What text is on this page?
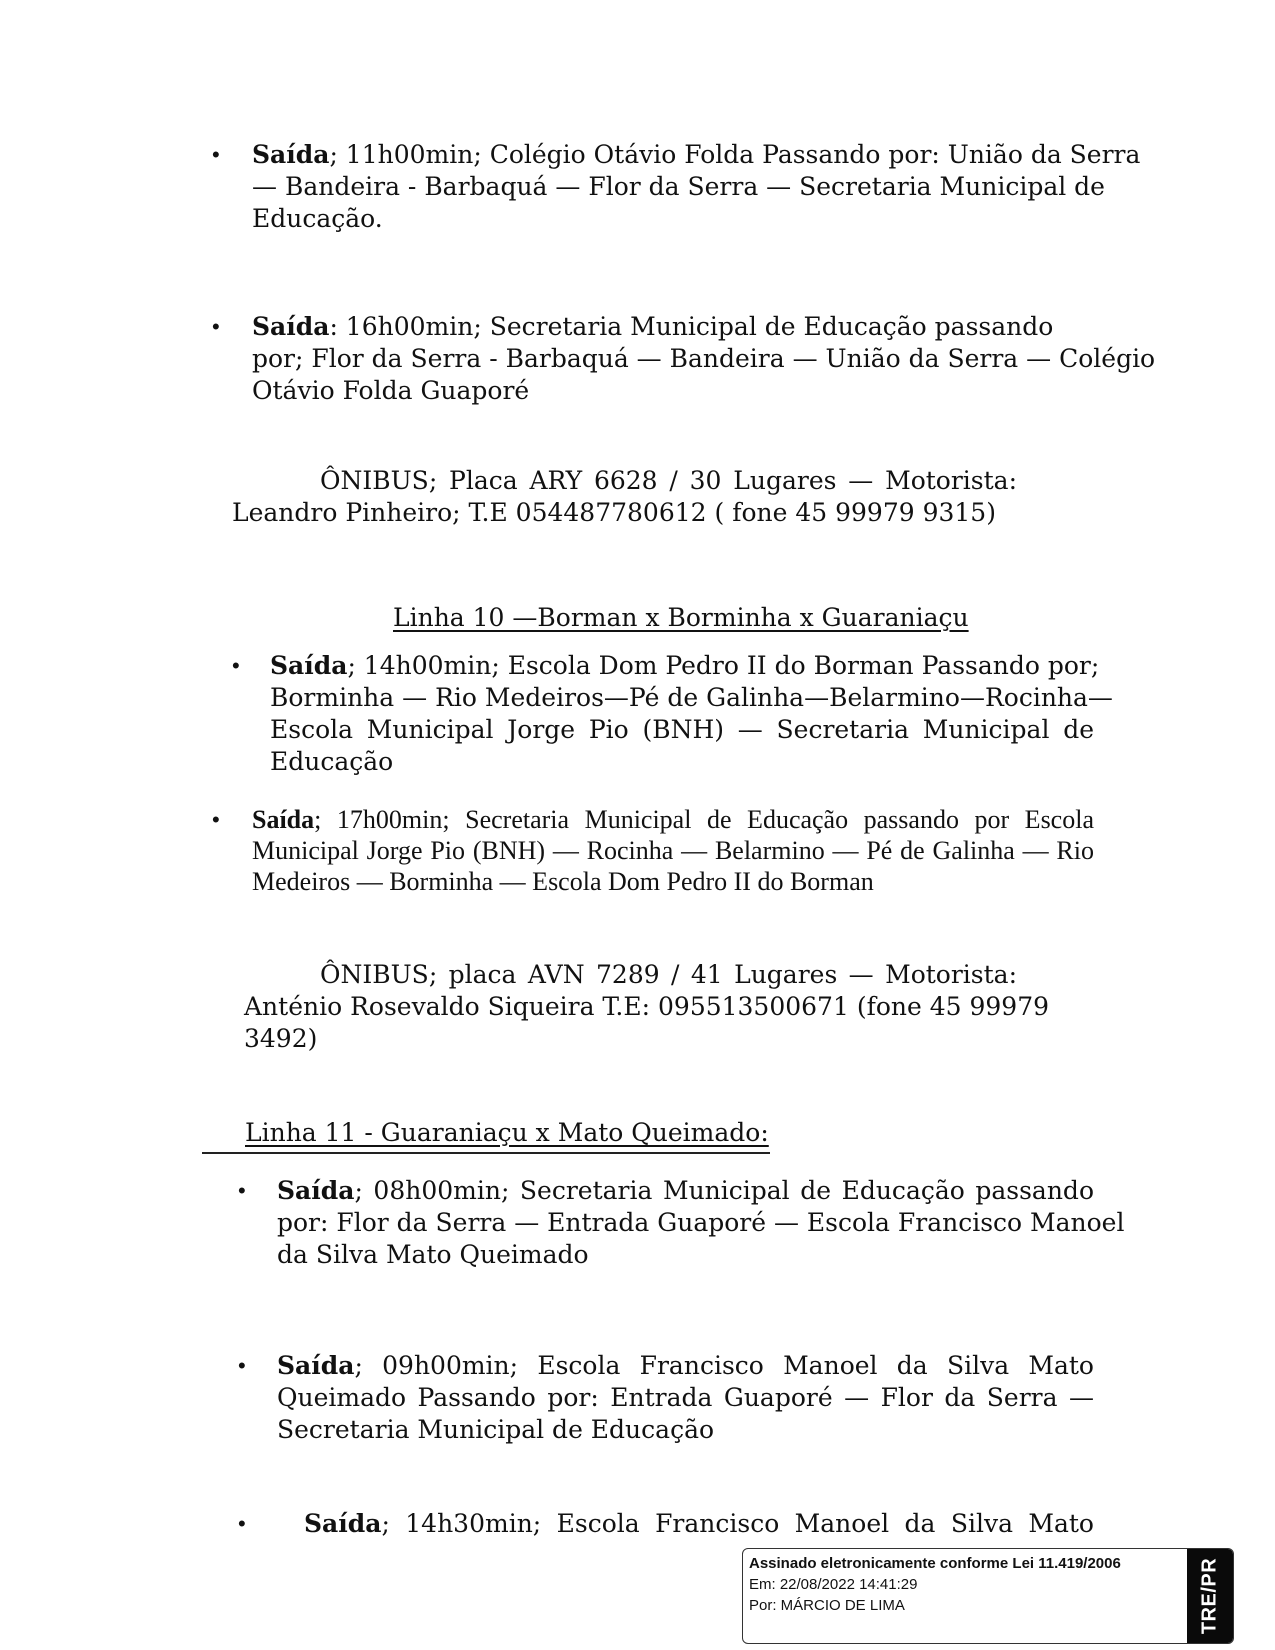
• Saída; 11h00min; Colégio Otávio Folda Passando por: União da Serra
— Bandeira - Barbaquá — Flor da Serra — Secretaria Municipal de
Educação.
• Saída: 16h00min; Secretaria Municipal de Educação passando
por; Flor da Serra - Barbaquá — Bandeira — União da Serra — Colégio
Otávio Folda Guaporé
ÔNIBUS; Placa ARY 6628 / 30 Lugares — Motorista:
Leandro Pinheiro; T.E 054487780612 ( fone 45 99979 9315)
Linha 10 —Borman x Borminha x Guaraniaçu
• Saída; 14h00min; Escola Dom Pedro II do Borman Passando por;
Borminha — Rio Medeiros—Pé de Galinha—Belarmino—Rocinha—
Escola Municipal Jorge Pio (BNH) — Secretaria Municipal de
Educação
• Saída; 17h00min; Secretaria Municipal de Educação passando por Escola
Municipal Jorge Pio (BNH) — Rocinha — Belarmino — Pé de Galinha — Rio
Medeiros — Borminha — Escola Dom Pedro II do Borman
ÔNIBUS; placa AVN 7289 / 41 Lugares — Motorista:
Anténio Rosevaldo Siqueira T.E: 095513500671 (fone 45 99979
3492)
Linha 11 - Guaraniaçu x Mato Queimado:
• Saída; 08h00min; Secretaria Municipal de Educação passando
por: Flor da Serra — Entrada Guaporé — Escola Francisco Manoel
da Silva Mato Queimado
• Saída; 09h00min; Escola Francisco Manoel da Silva Mato
Queimado Passando por: Entrada Guaporé — Flor da Serra —
Secretaria Municipal de Educação
• Saída; 14h30min; Escola Francisco Manoel da Silva Mato
Assinado eletronicamente conforme Lei 11.419/2006
Em: 22/08/2022 14:41:29
Por: MÁRCIO DE LIMA	TRE/PR
